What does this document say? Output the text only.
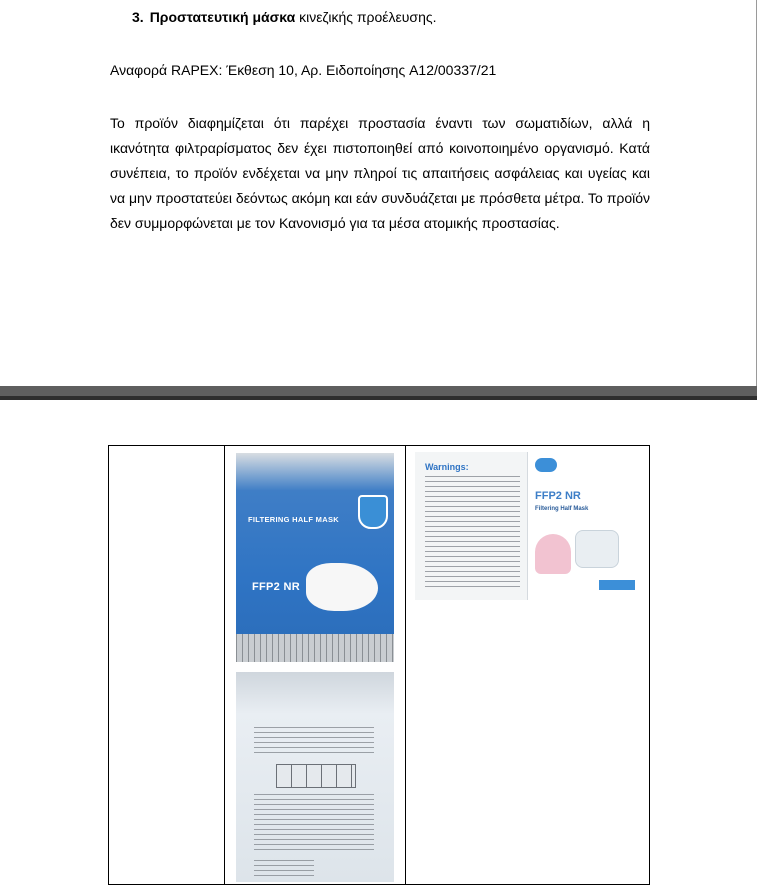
3. Προστατευτική μάσκα κινεζικής προέλευσης.
Αναφορά RAPEX: Έκθεση 10, Αρ. Ειδοποίησης A12/00337/21
Το προϊόν διαφημίζεται ότι παρέχει προστασία έναντι των σωματιδίων, αλλά η ικανότητα φιλτραρίσματος δεν έχει πιστοποιηθεί από κοινοποιημένο οργανισμό. Κατά συνέπεια, το προϊόν ενδέχεται να μην πληροί τις απαιτήσεις ασφάλειας και υγείας και να μην προστατεύει δεόντως ακόμη και εάν συνδυάζεται με πρόσθετα μέτρα. Το προϊόν δεν συμμορφώνεται με τον Κανονισμό για τα μέσα ατομικής προστασίας.
FILTERING HALF MASK
FFP2 NR
Warnings:
FFP2 NR
Filtering Half Mask
